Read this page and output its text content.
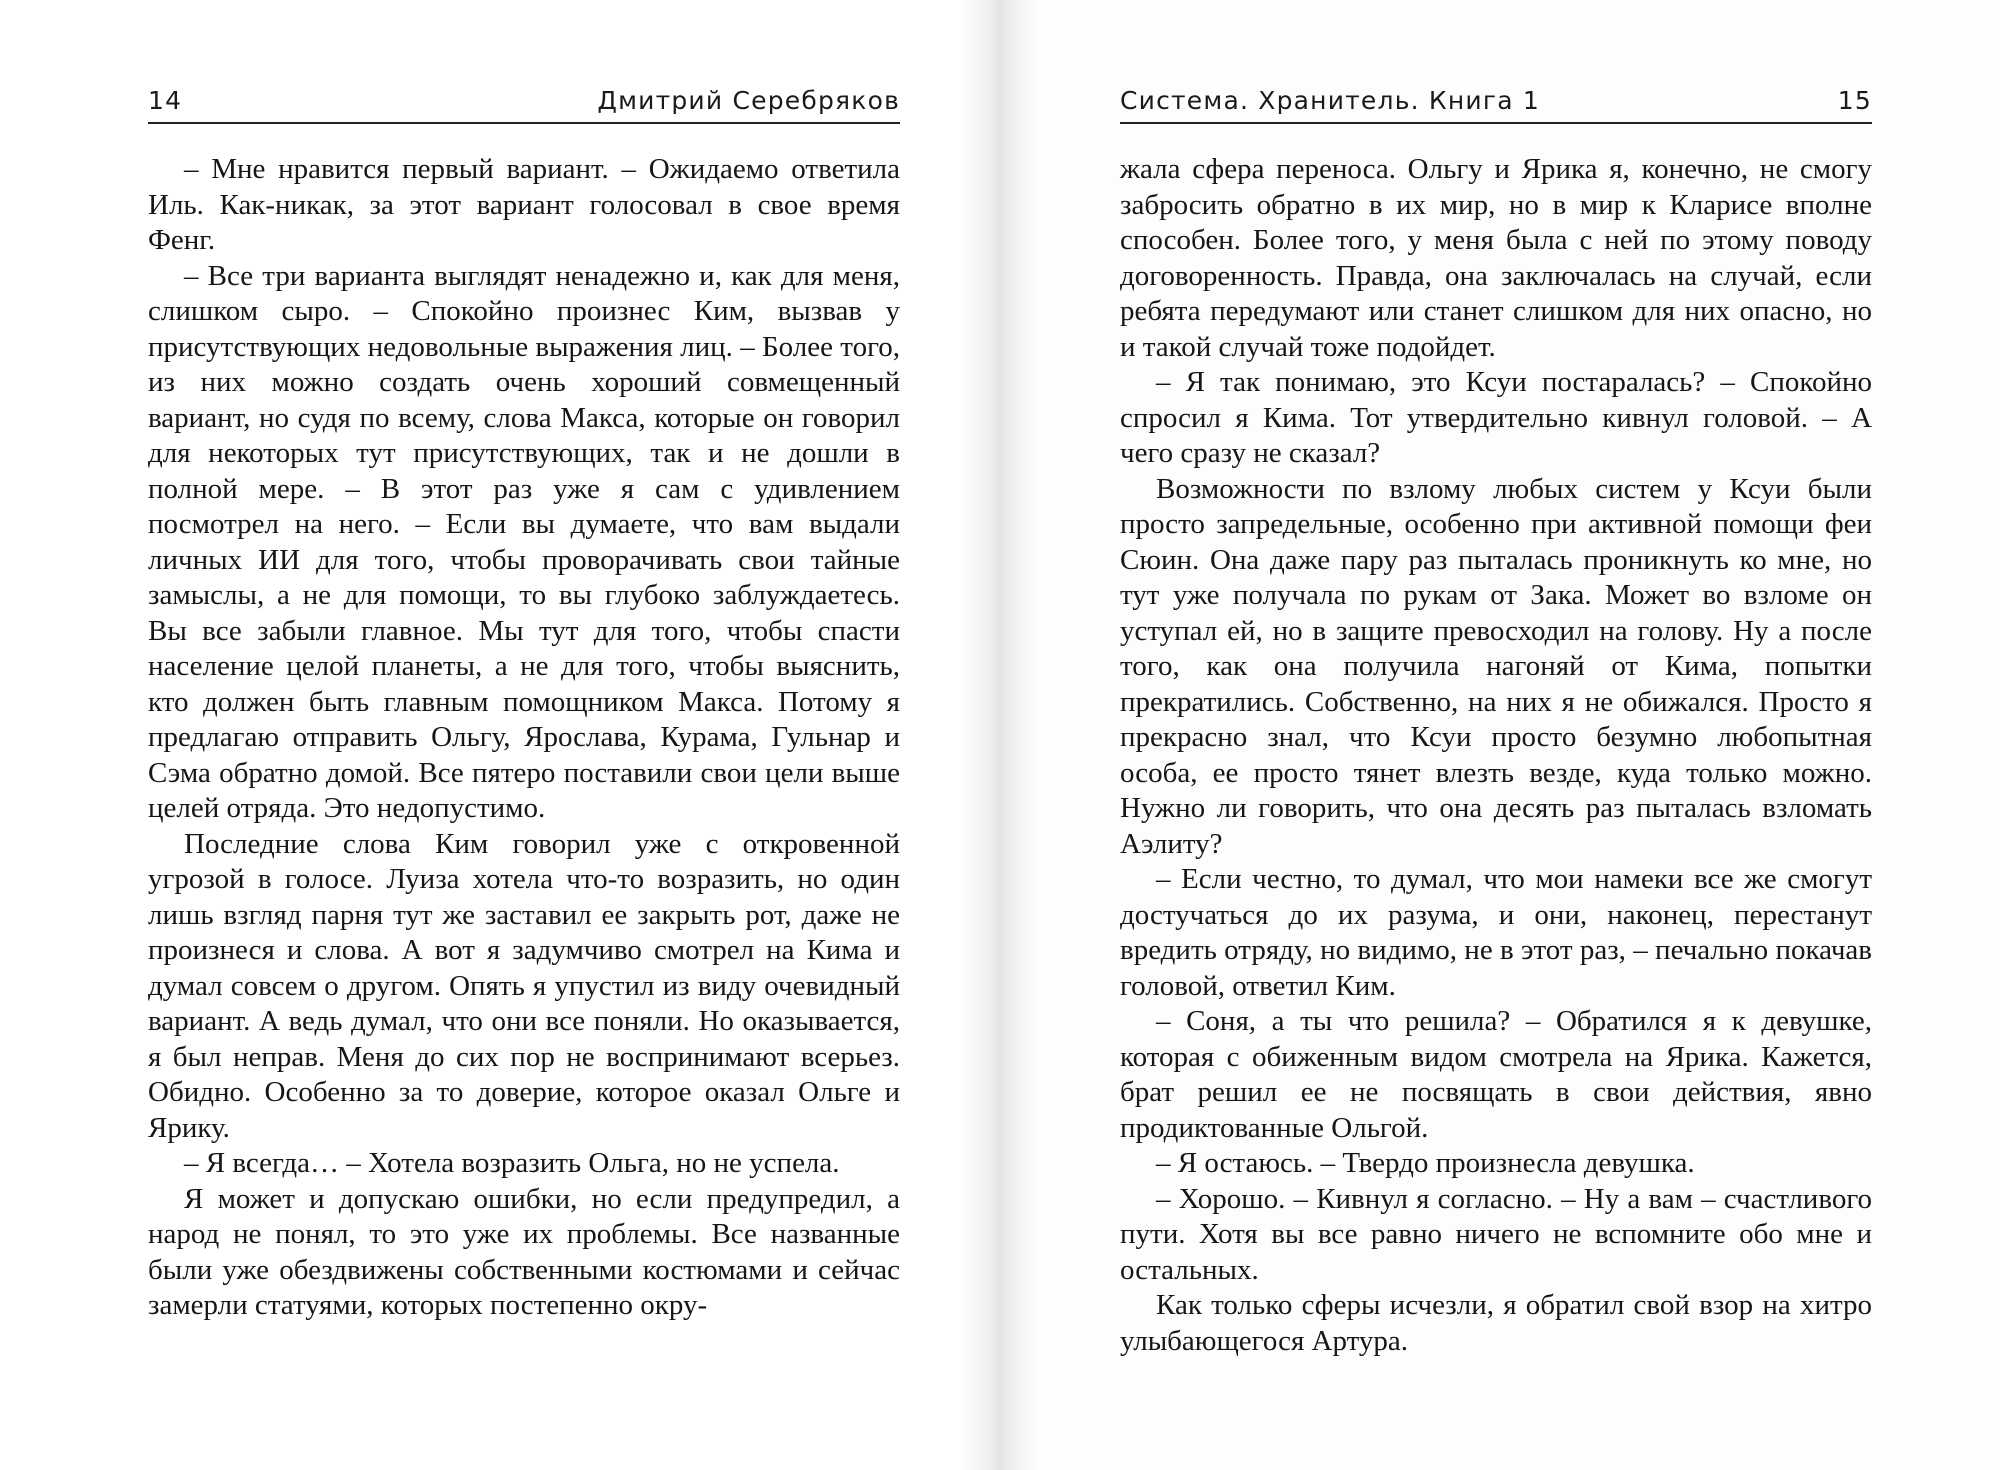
14	Дмитрий Серебряков

– Мне нравится первый вариант. – Ожидаемо ответила Иль. Как-никак, за этот вариант голосовал в свое время Фенг.

– Все три варианта выглядят ненадежно и, как для меня, слишком сыро. – Спокойно произнес Ким, вызвав у присутствующих недовольные выражения лиц. – Более того, из них можно создать очень хороший совмещенный вариант, но судя по всему, слова Макса, которые он говорил для некоторых тут присутствующих, так и не дошли в полной мере. – В этот раз уже я сам с удивлением посмотрел на него. – Если вы думаете, что вам выдали личных ИИ для того, чтобы проворачивать свои тайные замыслы, а не для помощи, то вы глубоко заблуждаетесь. Вы все забыли главное. Мы тут для того, чтобы спасти население целой планеты, а не для того, чтобы выяснить, кто должен быть главным помощником Макса. Потому я предлагаю отправить Ольгу, Ярослава, Курама, Гульнар и Сэма обратно домой. Все пятеро поставили свои цели выше целей отряда. Это недопустимо.

Последние слова Ким говорил уже с откровенной угрозой в голосе. Луиза хотела что-то возразить, но один лишь взгляд парня тут же заставил ее закрыть рот, даже не произнеся и слова. А вот я задумчиво смотрел на Кима и думал совсем о другом. Опять я упустил из виду очевидный вариант. А ведь думал, что они все поняли. Но оказывается, я был неправ. Меня до сих пор не воспринимают всерьез. Обидно. Особенно за то доверие, которое оказал Ольге и Ярику.

– Я всегда… – Хотела возразить Ольга, но не успела.

Я может и допускаю ошибки, но если предупредил, а народ не понял, то это уже их проблемы. Все названные были уже обездвижены собственными костюмами и сейчас замерли статуями, которых постепенно окру-

Система. Хранитель. Книга 1	15

жала сфера переноса. Ольгу и Ярика я, конечно, не смогу забросить обратно в их мир, но в мир к Кларисе вполне способен. Более того, у меня была с ней по этому поводу договоренность. Правда, она заключалась на случай, если ребята передумают или станет слишком для них опасно, но и такой случай тоже подойдет.

– Я так понимаю, это Ксуи постаралась? – Спокойно спросил я Кима. Тот утвердительно кивнул головой. – А чего сразу не сказал?

Возможности по взлому любых систем у Ксуи были просто запредельные, особенно при активной помощи феи Сюин. Она даже пару раз пыталась проникнуть ко мне, но тут уже получала по рукам от Зака. Может во взломе он уступал ей, но в защите превосходил на голову. Ну а после того, как она получила нагоняй от Кима, попытки прекратились. Собственно, на них я не обижался. Просто я прекрасно знал, что Ксуи просто безумно любопытная особа, ее просто тянет влезть везде, куда только можно. Нужно ли говорить, что она десять раз пыталась взломать Аэлиту?

– Если честно, то думал, что мои намеки все же смогут достучаться до их разума, и они, наконец, перестанут вредить отряду, но видимо, не в этот раз, – печально покачав головой, ответил Ким.

– Соня, а ты что решила? – Обратился я к девушке, которая с обиженным видом смотрела на Ярика. Кажется, брат решил ее не посвящать в свои действия, явно продиктованные Ольгой.

– Я остаюсь. – Твердо произнесла девушка.

– Хорошо. – Кивнул я согласно. – Ну а вам – счастливого пути. Хотя вы все равно ничего не вспомните обо мне и остальных.

Как только сферы исчезли, я обратил свой взор на хитро улыбающегося Артура.
